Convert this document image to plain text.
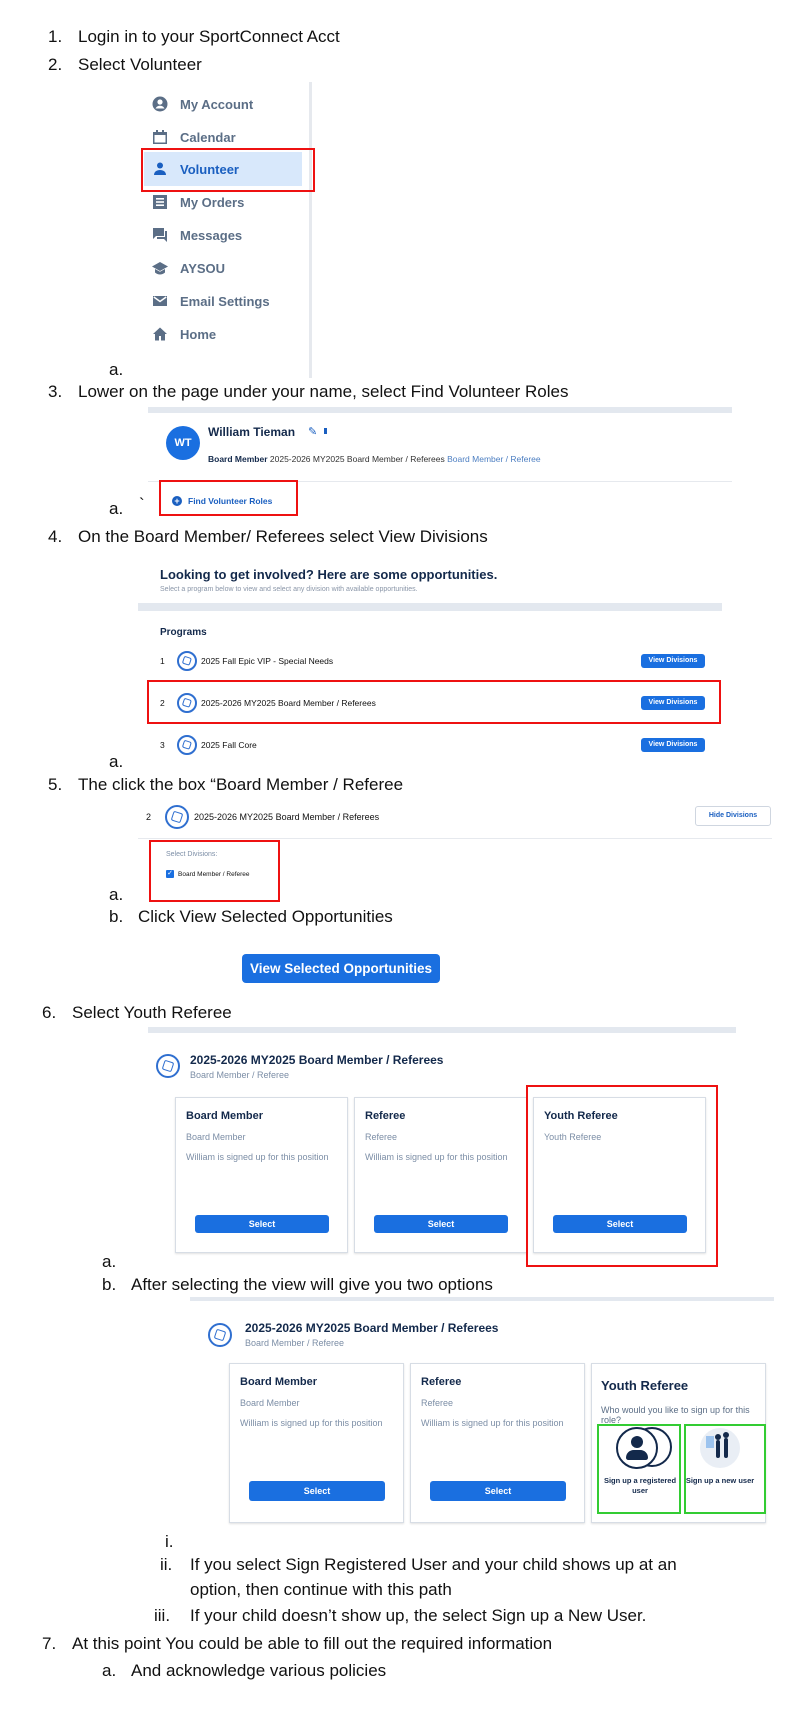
1. Login in to your SportConnect Acct
2. Select Volunteer
My Account
Calendar
Volunteer
My Orders
Messages
AYSOU
Email Settings
Home
a.
3. Lower on the page under your name, select Find Volunteer Roles
WT
William Tieman ✎
Board Member 2025-2026 MY2025 Board Member / Referees Board Member / Referee
+ Find Volunteer Roles
a. `
4. On the Board Member/ Referees select View Divisions
Looking to get involved? Here are some opportunities.
Select a program below to view and select any division with available opportunities.
Programs
1	2025 Fall Epic VIP - Special Needs	View Divisions
2	2025-2026 MY2025 Board Member / Referees	View Divisions
3	2025 Fall Core	View Divisions
a.
5. The click the box “Board Member / Referee
2	2025-2026 MY2025 Board Member / Referees	Hide Divisions
Select Divisions:
✓ Board Member / Referee
a.
b. Click View Selected Opportunities
View Selected Opportunities
6. Select Youth Referee
2025-2026 MY2025 Board Member / Referees
Board Member / Referee
Board Member
Board Member
William is signed up for this position
Select
Referee
Referee
William is signed up for this position
Select
Youth Referee
Youth Referee
Select
a.
b. After selecting the view will give you two options
2025-2026 MY2025 Board Member / Referees
Board Member / Referee
Board Member
Board Member
William is signed up for this position
Select
Referee
Referee
William is signed up for this position
Select
Youth Referee
Who would you like to sign up for this role?
Sign up a registered user
Sign up a new user
i.
ii. If you select Sign Registered User and your child shows up at an
option, then continue with this path
iii. If your child doesn’t show up, the select Sign up a New User.
7. At this point You could be able to fill out the required information
a. And acknowledge various policies
